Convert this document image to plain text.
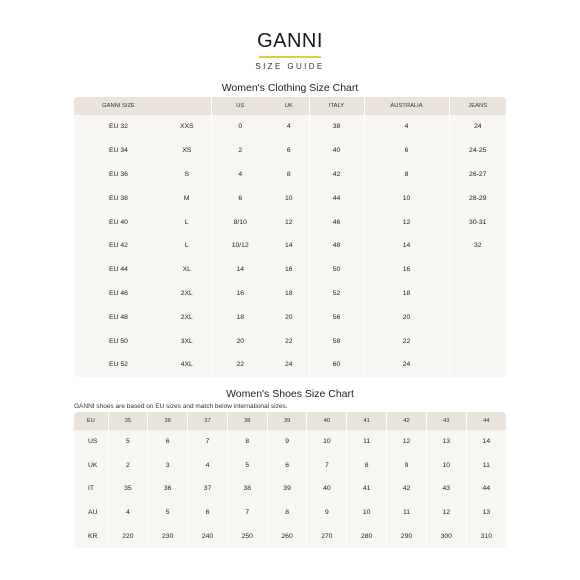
GANNI
SIZE GUIDE
Women's Clothing Size Chart
GANNI SIZE		US	UK	ITALY	AUSTRALIA	JEANS
EU 32	XXS	0	4	38	4	24
EU 34	XS	2	6	40	6	24-25
EU 36	S	4	8	42	8	26-27
EU 38	M	6	10	44	10	28-29
EU 40	L	8/10	12	46	12	30-31
EU 42	L	10/12	14	48	14	32
EU 44	XL	14	16	50	16	
EU 46	2XL	16	18	52	18	
EU 48	2XL	18	20	56	20	
EU 50	3XL	20	22	58	22	
EU 52	4XL	22	24	60	24	
Women's Shoes Size Chart
GANNI shoes are based on EU sizes and match below international sizes.
EU	35	36	37	38	39	40	41	42	43	44
US	5	6	7	8	9	10	11	12	13	14
UK	2	3	4	5	6	7	8	9	10	11
IT	35	36	37	38	39	40	41	42	43	44
AU	4	5	6	7	8	9	10	11	12	13
KR	220	230	240	250	260	270	280	290	300	310
